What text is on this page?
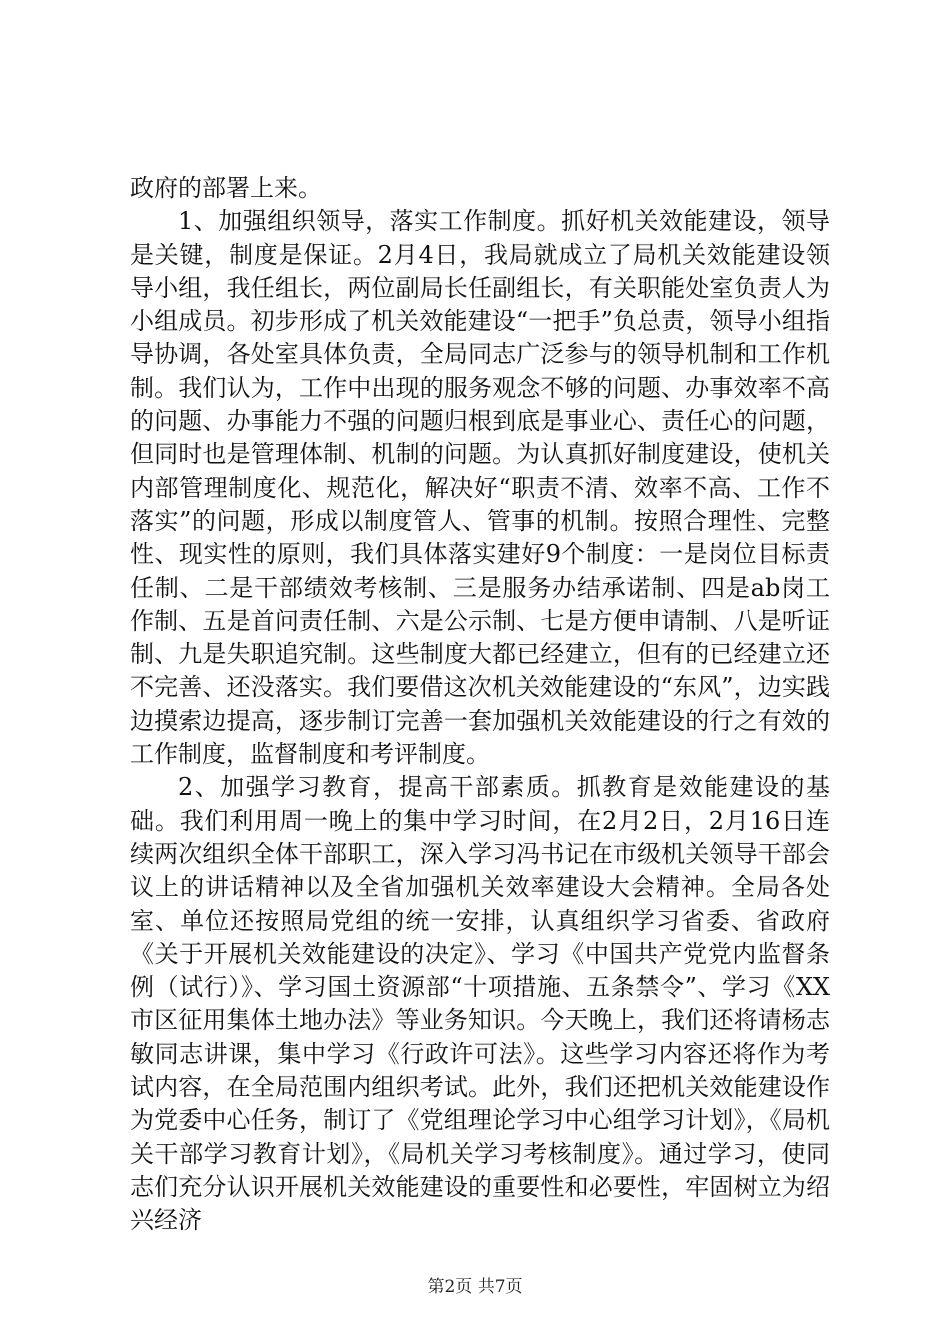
政府的部署上来。

1、加强组织领导，落实工作制度。抓好机关效能建设，领导是关键，制度是保证。2月4日，我局就成立了局机关效能建设领导小组，我任组长，两位副局长任副组长，有关职能处室负责人为小组成员。初步形成了机关效能建设“一把手”负总责，领导小组指导协调，各处室具体负责，全局同志广泛参与的领导机制和工作机制。我们认为，工作中出现的服务观念不够的问题、办事效率不高的问题、办事能力不强的问题归根到底是事业心、责任心的问题，但同时也是管理体制、机制的问题。为认真抓好制度建设，使机关内部管理制度化、规范化，解决好“职责不清、效率不高、工作不落实”的问题，形成以制度管人、管事的机制。按照合理性、完整性、现实性的原则，我们具体落实建好9个制度：一是岗位目标责任制、二是干部绩效考核制、三是服务办结承诺制、四是ab岗工作制、五是首问责任制、六是公示制、七是方便申请制、八是听证制、九是失职追究制。这些制度大都已经建立，但有的已经建立还不完善、还没落实。我们要借这次机关效能建设的“东风”，边实践边摸索边提高，逐步制订完善一套加强机关效能建设的行之有效的工作制度，监督制度和考评制度。

2、加强学习教育，提高干部素质。抓教育是效能建设的基础。我们利用周一晚上的集中学习时间，在2月2日，2月16日连续两次组织全体干部职工，深入学习冯书记在市级机关领导干部会议上的讲话精神以及全省加强机关效率建设大会精神。全局各处室、单位还按照局党组的统一安排，认真组织学习省委、省政府《关于开展机关效能建设的决定》、学习《中国共产党党内监督条例（试行）》、学习国土资源部“十项措施、五条禁令”、学习《XX市区征用集体土地办法》等业务知识。今天晚上，我们还将请杨志敏同志讲课，集中学习《行政许可法》。这些学习内容还将作为考试内容，在全局范围内组织考试。此外，我们还把机关效能建设作为党委中心任务，制订了《党组理论学习中心组学习计划》，《局机关干部学习教育计划》，《局机关学习考核制度》。通过学习，使同志们充分认识开展机关效能建设的重要性和必要性，牢固树立为绍兴经济

第2页 共7页
